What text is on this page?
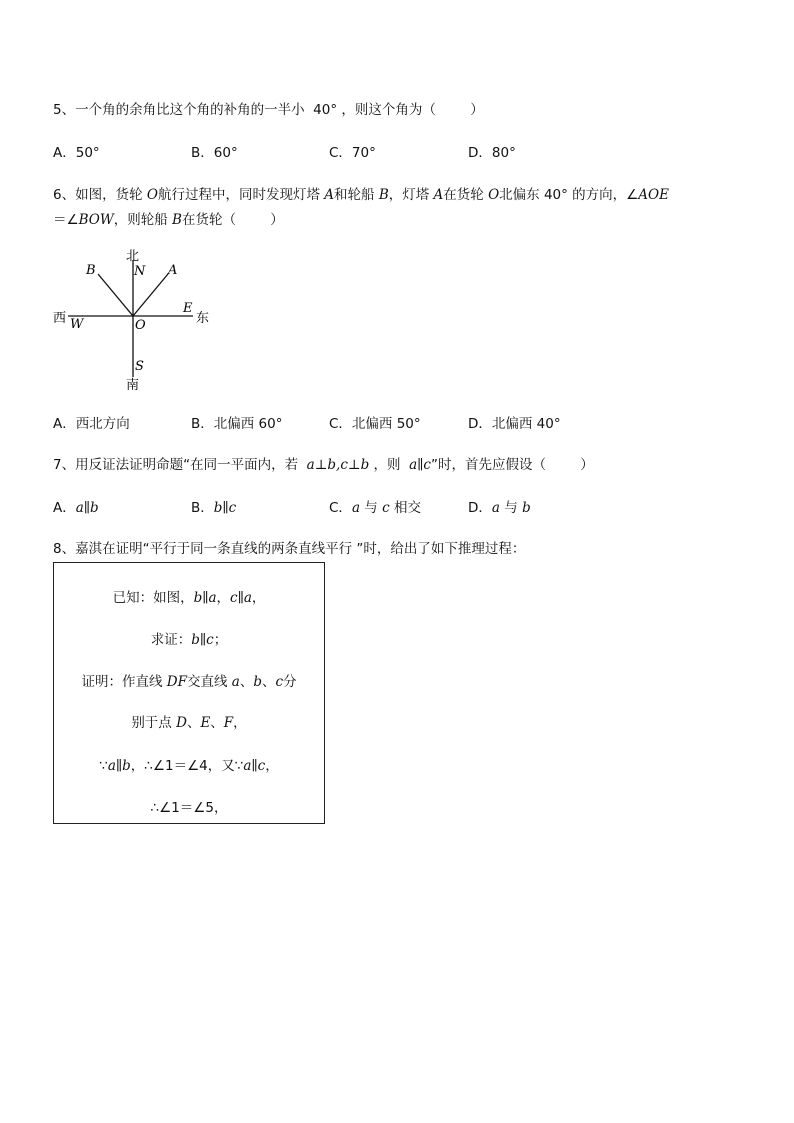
5、一个角的余角比这个角的补角的一半小  40° ，则这个角为（        ）
A．50°	B．60°	C．70°	D．80°
6、如图，货轮 O航行过程中，同时发现灯塔 A和轮船 B，灯塔 A在货轮 O北偏东 40° 的方向，∠AOE
＝∠BOW，则轮船 B在货轮（        ）
北
N
B	A
西 W	O
E
东
S
南
A．西北方向	B．北偏西 60°	C．北偏西 50°	D．北偏西 40°
7、用反证法证明命题“在同一平面内，若  a⊥b,c⊥b ，则  a∥c”时，首先应假设（        ）
A．a∥b	B．b∥c	C．a 与 c 相交	D．a 与 b
8、嘉淇在证明“平行于同一条直线的两条直线平行 ”时，给出了如下推理过程：
已知：如图，b∥a，c∥a，
求证：b∥c；
证明：作直线 DF交直线 a、b、c分
别于点 D、E、F，
∵a∥b，∴∠1＝∠4，又∵a∥c，
∴∠1＝∠5，
